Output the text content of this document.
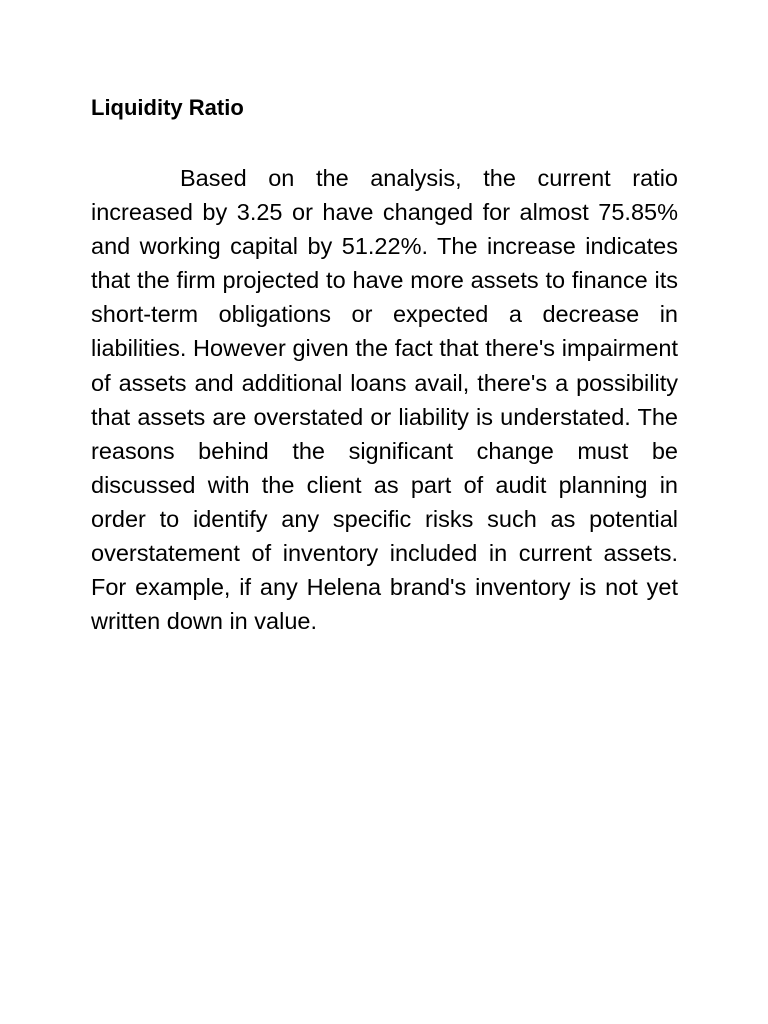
Liquidity Ratio

Based on the analysis, the current ratio increased by 3.25 or have changed for almost 75.85% and working capital by 51.22%. The increase indicates that the firm projected to have more assets to finance its short-term obligations or expected a decrease in liabilities. However given the fact that there's impairment of assets and additional loans avail, there's a possibility that assets are overstated or liability is understated. The reasons behind the significant change must be discussed with the client as part of audit planning in order to identify any specific risks such as potential overstatement of inventory included in current assets. For example, if any Helena brand's inventory is not yet written down in value.
